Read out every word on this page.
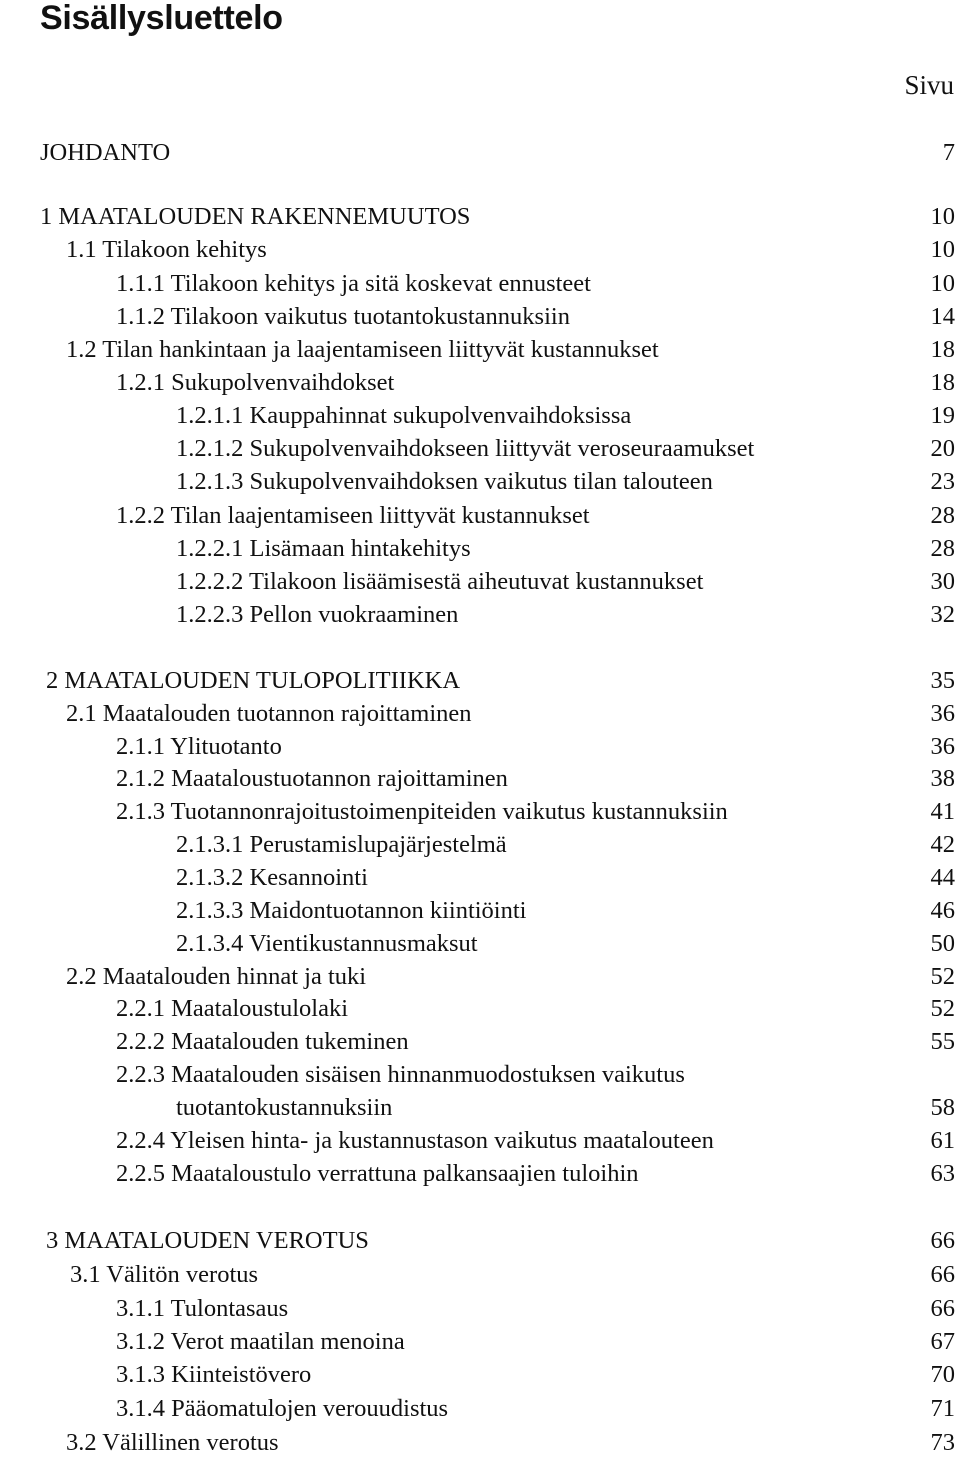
Sisällysluettelo
Sivu
JOHDANTO	7
1 MAATALOUDEN RAKENNEMUUTOS	10
1.1 Tilakoon kehitys	10
1.1.1 Tilakoon kehitys ja sitä koskevat ennusteet	10
1.1.2 Tilakoon vaikutus tuotantokustannuksiin	14
1.2 Tilan hankintaan ja laajentamiseen liittyvät kustannukset	18
1.2.1 Sukupolvenvaihdokset	18
1.2.1.1 Kauppahinnat sukupolvenvaihdoksissa	19
1.2.1.2 Sukupolvenvaihdokseen liittyvät veroseuraamukset	20
1.2.1.3 Sukupolvenvaihdoksen vaikutus tilan talouteen	23
1.2.2 Tilan laajentamiseen liittyvät kustannukset	28
1.2.2.1 Lisämaan hintakehitys	28
1.2.2.2 Tilakoon lisäämisestä aiheutuvat kustannukset	30
1.2.2.3 Pellon vuokraaminen	32
2 MAATALOUDEN TULOPOLITIIKKA	35
2.1 Maatalouden tuotannon rajoittaminen	36
2.1.1 Ylituotanto	36
2.1.2 Maataloustuotannon rajoittaminen	38
2.1.3 Tuotannonrajoitustoimenpiteiden vaikutus kustannuksiin	41
2.1.3.1 Perustamislupajärjestelmä	42
2.1.3.2 Kesannointi	44
2.1.3.3 Maidontuotannon kiintiöinti	46
2.1.3.4 Vientikustannusmaksut	50
2.2 Maatalouden hinnat ja tuki	52
2.2.1 Maataloustulolaki	52
2.2.2 Maatalouden tukeminen	55
2.2.3 Maatalouden sisäisen hinnanmuodostuksen vaikutus
tuotantokustannuksiin	58
2.2.4 Yleisen hinta- ja kustannustason vaikutus maatalouteen	61
2.2.5 Maataloustulo verrattuna palkansaajien tuloihin	63
3 MAATALOUDEN VEROTUS	66
3.1 Välitön verotus	66
3.1.1 Tulontasaus	66
3.1.2 Verot maatilan menoina	67
3.1.3 Kiinteistövero	70
3.1.4 Pääomatulojen verouudistus	71
3.2 Välillinen verotus	73
